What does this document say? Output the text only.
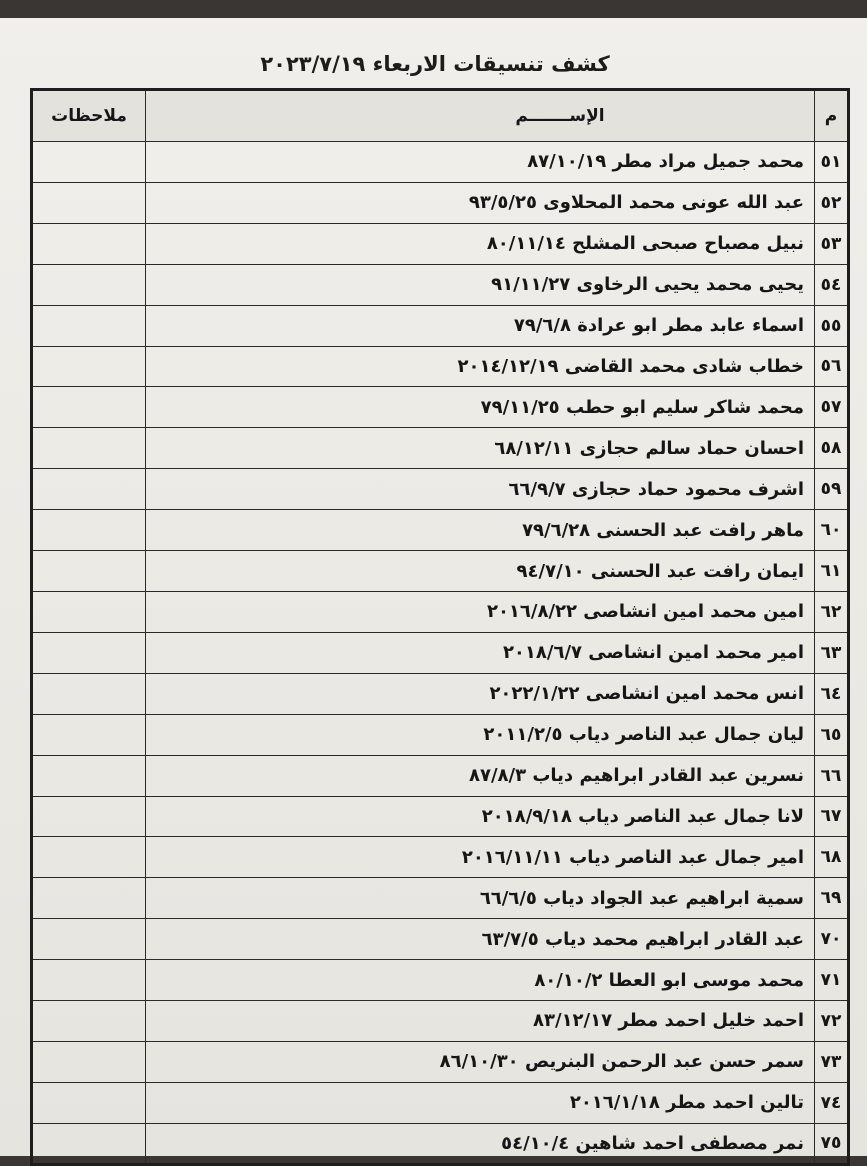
كشف تنسيقات الاربعاء ٢٠٢٣/٧/١٩
م	الإســـــــم	ملاحظات
٥١	محمد جميل مراد مطر ٨٧/١٠/١٩	
٥٢	عبد الله عونى محمد المحلاوى ٩٣/٥/٢٥	
٥٣	نبيل مصباح صبحى المشلح ٨٠/١١/١٤	
٥٤	يحيى محمد يحيى الرخاوى ٩١/١١/٢٧	
٥٥	اسماء عابد مطر ابو عرادة ٧٩/٦/٨	
٥٦	خطاب شادى محمد القاضى ٢٠١٤/١٢/١٩	
٥٧	محمد شاكر سليم ابو حطب ٧٩/١١/٢٥	
٥٨	احسان حماد سالم حجازى ٦٨/١٢/١١	
٥٩	اشرف محمود حماد حجازى ٦٦/٩/٧	
٦٠	ماهر رافت عبد الحسنى ٧٩/٦/٢٨	
٦١	ايمان رافت عبد الحسنى ٩٤/٧/١٠	
٦٢	امين محمد امين انشاصى ٢٠١٦/٨/٢٢	
٦٣	امير محمد امين انشاصى ٢٠١٨/٦/٧	
٦٤	انس محمد امين انشاصى ٢٠٢٢/١/٢٢	
٦٥	ليان جمال عبد الناصر دياب ٢٠١١/٢/٥	
٦٦	نسرين عبد القادر ابراهيم دياب ٨٧/٨/٣	
٦٧	لانا جمال عبد الناصر دياب ٢٠١٨/٩/١٨	
٦٨	امير جمال عبد الناصر دياب ٢٠١٦/١١/١١	
٦٩	سمية ابراهيم عبد الجواد دياب ٦٦/٦/٥	
٧٠	عبد القادر ابراهيم محمد دياب ٦٣/٧/٥	
٧١	محمد موسى ابو العطا ٨٠/١٠/٢	
٧٢	احمد خليل احمد مطر ٨٣/١٢/١٧	
٧٣	سمر حسن عبد الرحمن البنريص ٨٦/١٠/٣٠	
٧٤	تالين احمد مطر ٢٠١٦/١/١٨	
٧٥	نمر مصطفى احمد شاهين ٥٤/١٠/٤	
